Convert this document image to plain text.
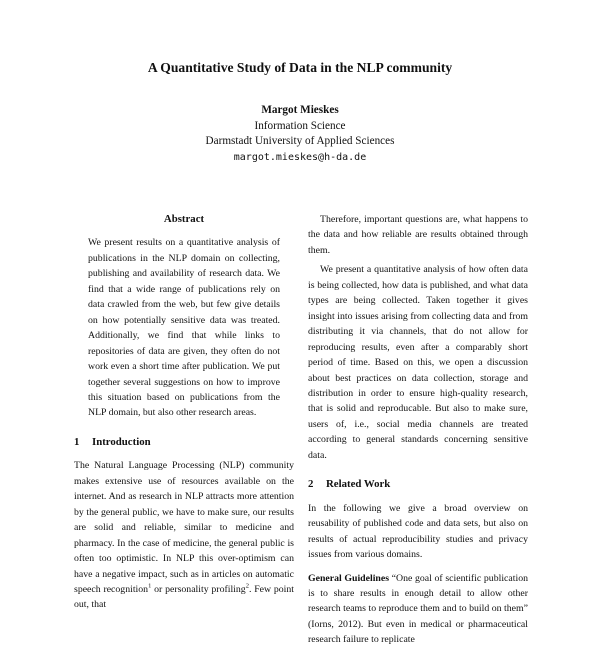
A Quantitative Study of Data in the NLP community
Margot Mieskes
Information Science
Darmstadt University of Applied Sciences
margot.mieskes@h-da.de
Abstract

We present results on a quantitative analysis of publications in the NLP domain on collecting, publishing and availability of research data. We find that a wide range of publications rely on data crawled from the web, but few give details on how potentially sensitive data was treated. Additionally, we find that while links to repositories of data are given, they often do not work even a short time after publication. We put together several suggestions on how to improve this situation based on publications from the NLP domain, but also other research areas.

1 Introduction

The Natural Language Processing (NLP) community makes extensive use of resources available on the internet. And as research in NLP attracts more attention by the general public, we have to make sure, our results are solid and reliable, similar to medicine and pharmacy. In the case of medicine, the general public is often too optimistic. In NLP this over-optimism can have a negative impact, such as in articles on automatic speech recognition$^1$ or personality profiling$^2$. Few point out, that

Therefore, important questions are, what happens to the data and how reliable are results obtained through them.

We present a quantitative analysis of how often data is being collected, how data is published, and what data types are being collected. Taken together it gives insight into issues arising from collecting data and from distributing it via channels, that do not allow for reproducing results, even after a comparably short period of time. Based on this, we open a discussion about best practices on data collection, storage and distribution in order to ensure high-quality research, that is solid and reproducable. But also to make sure, users of, i.e., social media channels are treated according to general standards concerning sensitive data.

2 Related Work

In the following we give a broad overview on reusability of published code and data sets, but also on results of actual reproducibility studies and privacy issues from various domains.

General Guidelines “One goal of scientific publication is to share results in enough detail to allow other research teams to reproduce them and to build on them” (Iorns, 2012). But even in medical or pharmaceutical research failure to replicate
